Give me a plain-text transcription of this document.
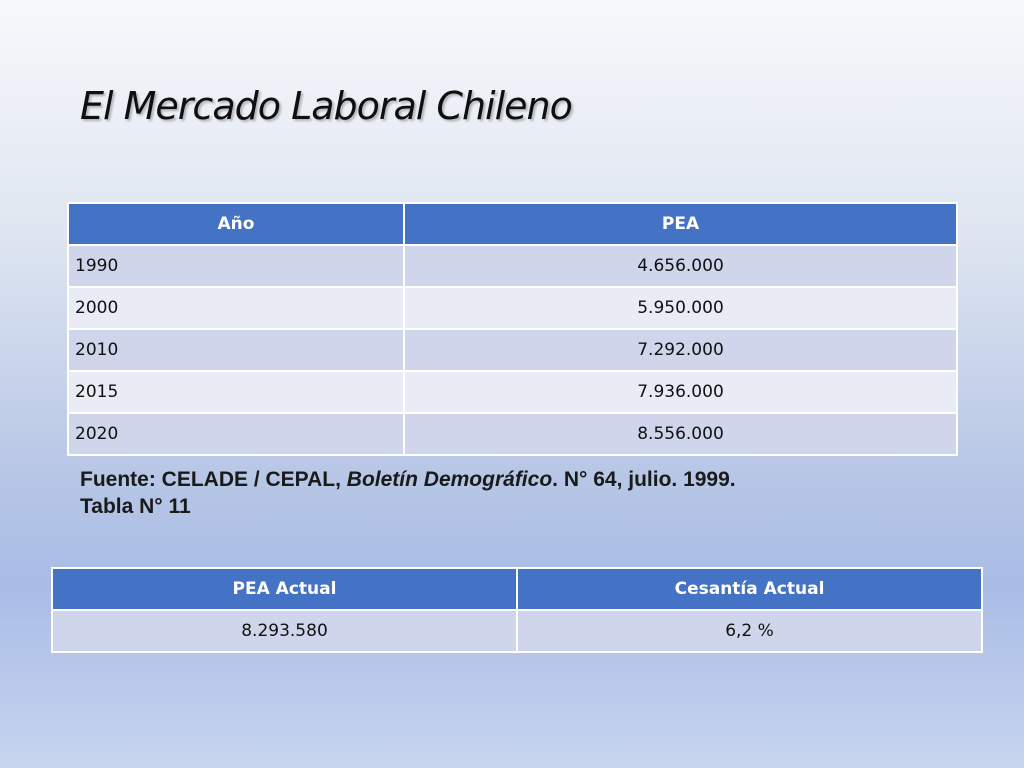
El Mercado Laboral Chileno
Año	PEA
1990	4.656.000
2000	5.950.000
2010	7.292.000
2015	7.936.000
2020	8.556.000
Fuente: CELADE / CEPAL, Boletín Demográfico. N° 64, julio. 1999.
Tabla N° 11
PEA Actual	Cesantía Actual
8.293.580	6,2 %
